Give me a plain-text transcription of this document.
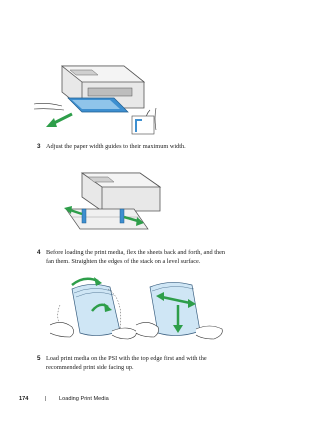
3 Adjust the paper width guides to their maximum width.
4 Before loading the print media, flex the sheets back and forth, and then
fan them. Straighten the edges of the stack on a level surface.
5 Load print media on the PSI with the top edge first and with the
recommended print side facing up.
174	| Loading Print Media
